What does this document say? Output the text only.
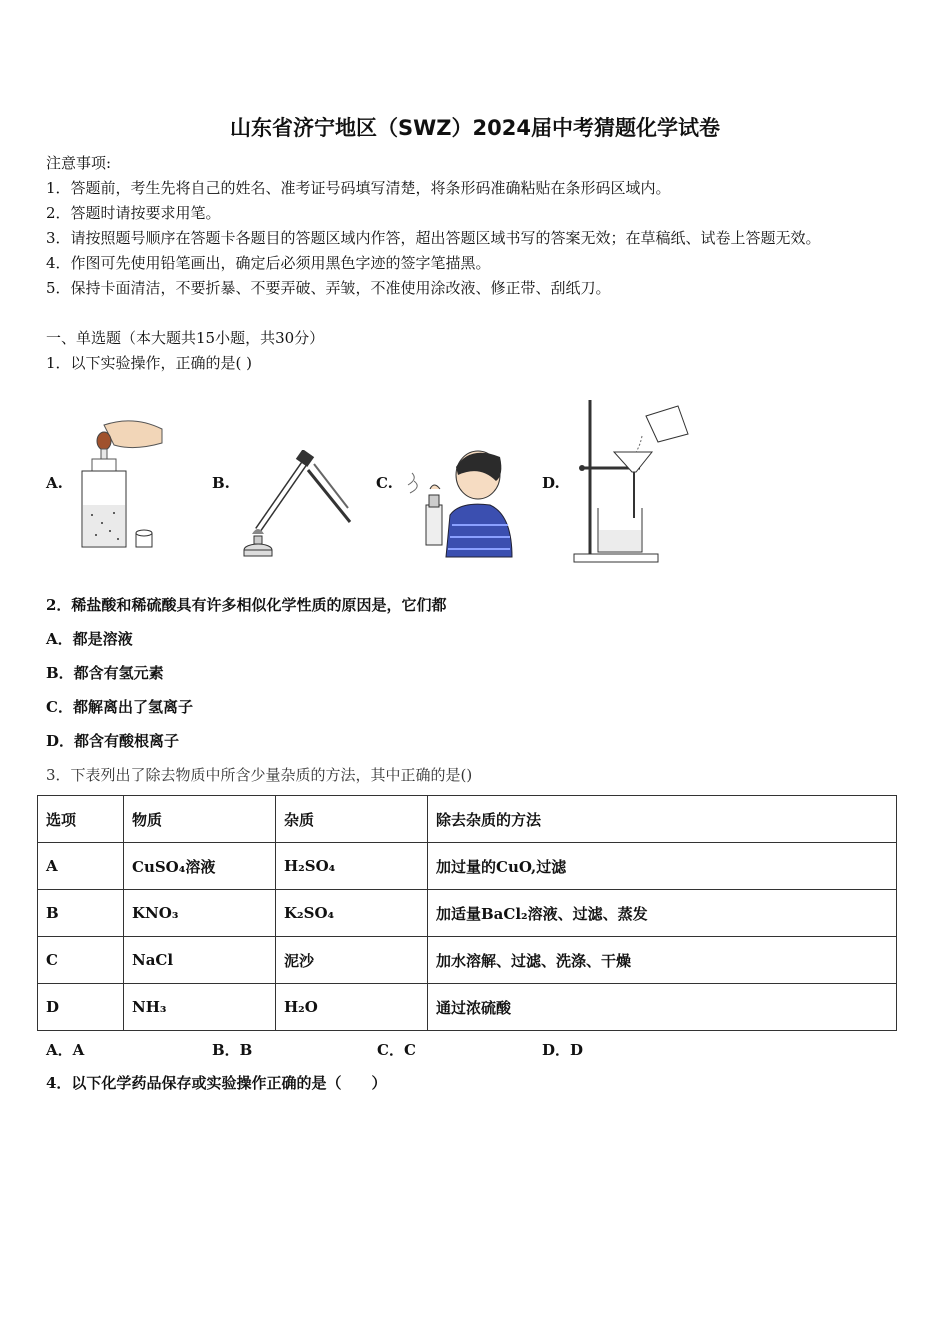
山东省济宁地区（SWZ）2024届中考猜题化学试卷
注意事项:
1．答题前，考生先将自己的姓名、准考证号码填写清楚，将条形码准确粘贴在条形码区域内。
2．答题时请按要求用笔。
3．请按照题号顺序在答题卡各题目的答题区域内作答，超出答题区域书写的答案无效；在草稿纸、试卷上答题无效。
4．作图可先使用铅笔画出，确定后必须用黑色字迹的签字笔描黑。
5．保持卡面清洁，不要折暴、不要弄破、弄皱，不准使用涂改液、修正带、刮纸刀。
一、单选题（本大题共15小题，共30分）
1．以下实验操作，正确的是( )
A.	B.	C.	D.
2．稀盐酸和稀硫酸具有许多相似化学性质的原因是，它们都
A．都是溶液
B．都含有氢元素
C．都解离出了氢离子
D．都含有酸根离子
3．下表列出了除去物质中所含少量杂质的方法，其中正确的是()
选项	物质	杂质	除去杂质的方法
A	CuSO₄溶液	H₂SO₄	加过量的CuO,过滤
B	KNO₃	K₂SO₄	加适量BaCl₂溶液、过滤、蒸发
C	NaCl	泥沙	加水溶解、过滤、洗涤、干燥
D	NH₃	H₂O	通过浓硫酸
A．A	B．B	C．C	D．D
4．以下化学药品保存或实验操作正确的是（　　）
